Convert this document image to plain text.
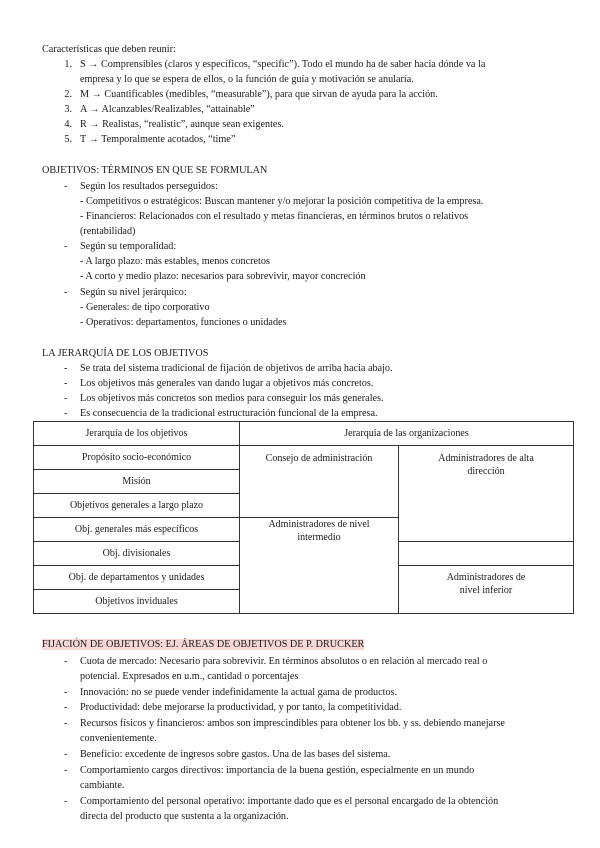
Características que deben reunir:
1. S → Comprensibles (claros y específicos, “specific”). Todo el mundo ha de saber hacia dónde va la
empresa y lo que se espera de ellos, o la función de guía y motivación se anularía.
2. M → Cuantificables (medibles, “measurable”), para que sirvan de ayuda para la acción.
3. A → Alcanzables/Realizables, “attainable”
4. R → Realistas, “realistic”, aunque sean exigentes.
5. T → Temporalmente acotados, “time”
OBJETIVOS: TÉRMINOS EN QUE SE FORMULAN
- Según los resultados perseguidos:
- Competitivos o estratégicos: Buscan mantener y/o mejorar la posición competitiva de la empresa.
- Financieros: Relacionados con el resultado y metas financieras, en términos brutos o relativos
(rentabilidad)
- Según su temporalidad:
- A largo plazo: más estables, menos concretos
- A corto y medio plazo: necesarios para sobrevivir, mayor concreción
- Según su nivel jerárquico:
- Generales: de tipo corporativo
- Operativos: departamentos, funciones o unidades
LA JERARQUÍA DE LOS OBJETIVOS
- Se trata del sistema tradicional de fijación de objetivos de arriba hacia abajo.
- Los objetivos más generales van dando lugar a objetivos más concretos.
- Los objetivos más concretos son medios para conseguir los más generales.
- Es consecuencia de la tradicional estructuración funcional de la empresa.
Jerarquía de los objetivos	Jerarquía de las organizaciones	
Propósito socio-económico	Consejo de administración	Administradores de alta
dirección
Misión		
Objetivos generales a largo plazo		
Obj. generales más específicos	Administradores de nivel
intermedio	
Obj. divisionales		
Obj. de departamentos y unidades		Administradores de
nivel inferior
Objetivos inviduales		
FIJACIÓN DE OBJETIVOS: EJ. ÁREAS DE OBJETIVOS DE P. DRUCKER
- Cuota de mercado: Necesario para sobrevivir. En términos absolutos o en relación al mercado real o
potencial. Expresados en u.m., cantidad o porcentajes
- Innovación: no se puede vender indefinidamente la actual gama de productos.
- Productividad: debe mejorarse la productividad, y por tanto, la competitividad.
- Recursos físicos y financieros: ambos son imprescindibles para obtener los bb. y ss. debiendo manejarse
convenientemente.
- Beneficio: excedente de ingresos sobre gastos. Una de las bases del sistema.
- Comportamiento cargos directivos: importancia de la buena gestión, especialmente en un mundo
cambiante.
- Comportamiento del personal operativo: importante dado que es el personal encargado de la obtención
directa del producto que sustenta a la organización.
